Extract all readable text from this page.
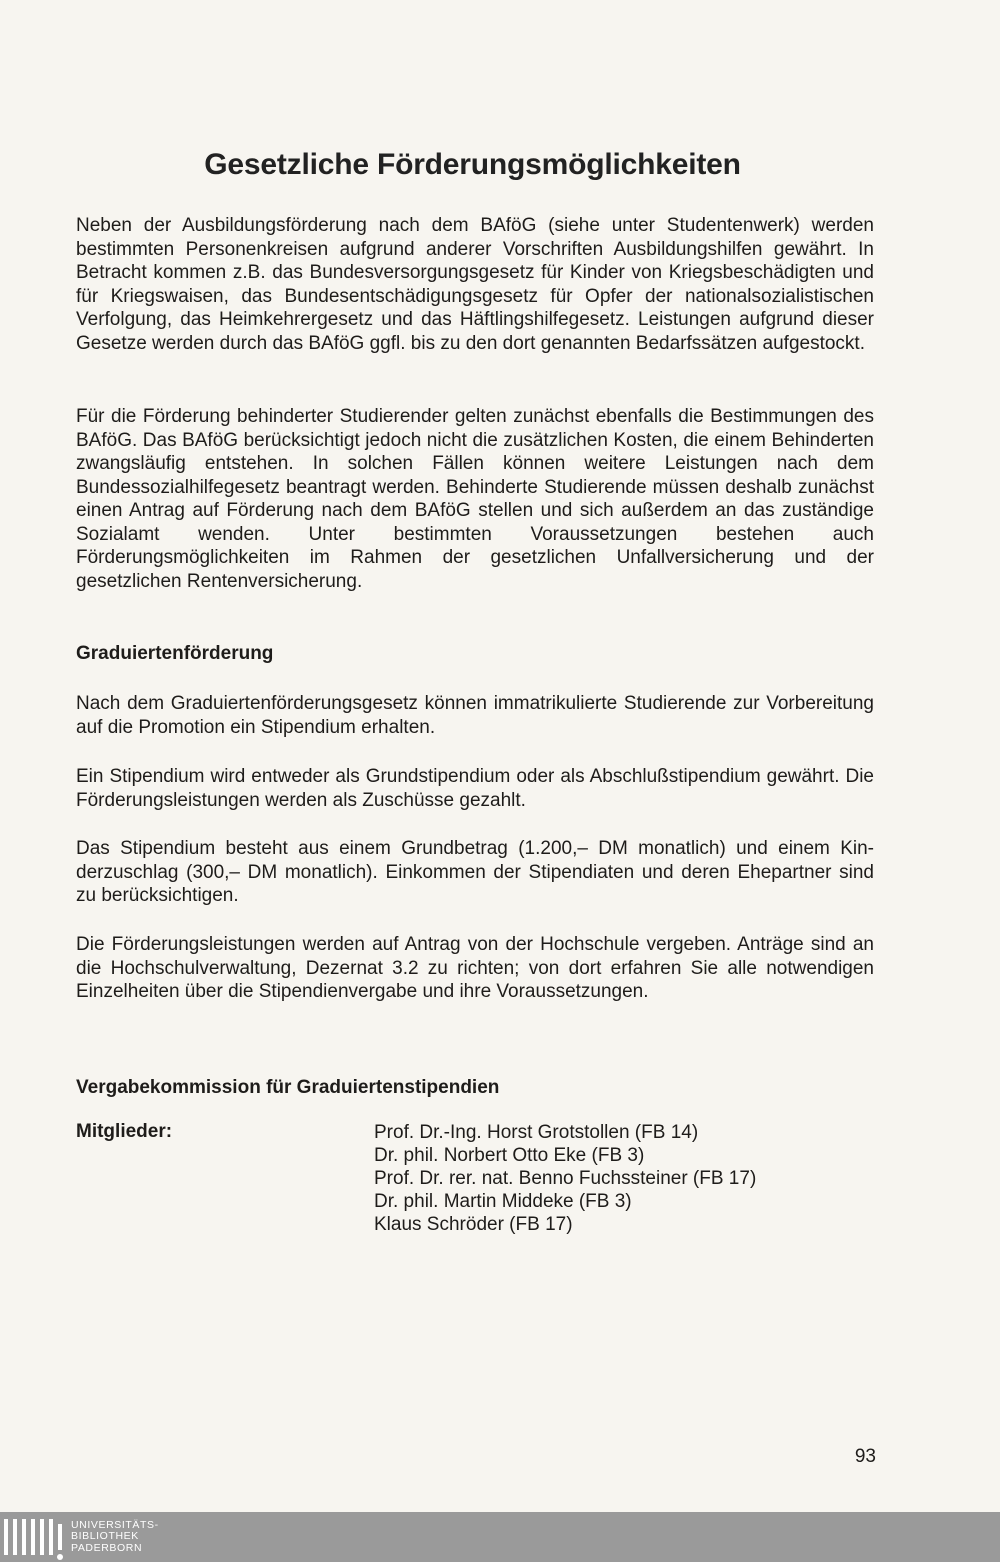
Gesetzliche Förderungsmöglichkeiten

Neben der Ausbildungsförderung nach dem BAföG (siehe unter Studentenwerk) werden bestimmten Personenkreisen aufgrund anderer Vorschriften Ausbildungshilfen gewährt. In Betracht kommen z.B. das Bundesversorgungsgesetz für Kinder von Kriegsbeschädigten und für Kriegswaisen, das Bundesentschädigungsgesetz für Opfer der nationalsozialistischen Verfolgung, das Heimkehrergesetz und das Häftlingshilfegesetz. Leistungen aufgrund dieser Gesetze werden durch das BAföG ggfl. bis zu den dort genannten Bedarfssätzen aufgestockt.

Für die Förderung behinderter Studierender gelten zunächst ebenfalls die Bestimmungen des BAföG. Das BAföG berücksichtigt jedoch nicht die zusätzlichen Kosten, die einem Behinderten zwangsläufig entstehen. In solchen Fällen können weitere Leistungen nach dem Bundessozialhilfegesetz beantragt werden. Behinderte Studierende müssen deshalb zunächst einen Antrag auf Förderung nach dem BAföG stellen und sich außerdem an das zuständige Sozialamt wenden. Unter bestimmten Voraussetzungen bestehen auch Förderungsmöglichkeiten im Rahmen der gesetzlichen Unfallversicherung und der gesetzlichen Rentenversicherung.

Graduiertenförderung

Nach dem Graduiertenförderungsgesetz können immatrikulierte Studierende zur Vorbereitung auf die Promotion ein Stipendium erhalten.

Ein Stipendium wird entweder als Grundstipendium oder als Abschlußstipendium gewährt. Die Förderungsleistungen werden als Zuschüsse gezahlt.

Das Stipendium besteht aus einem Grundbetrag (1.200,– DM monatlich) und einem Kinderzuschlag (300,– DM monatlich). Einkommen der Stipendiaten und deren Ehepartner sind zu berücksichtigen.

Die Förderungsleistungen werden auf Antrag von der Hochschule vergeben. Anträge sind an die Hochschulverwaltung, Dezernat 3.2 zu richten; von dort erfahren Sie alle notwendigen Einzelheiten über die Stipendienvergabe und ihre Voraussetzungen.

Vergabekommission für Graduiertenstipendien
Mitglieder:	Prof. Dr.-Ing. Horst Grotstollen (FB 14)
Dr. phil. Norbert Otto Eke (FB 3)
Prof. Dr. rer. nat. Benno Fuchssteiner (FB 17)
Dr. phil. Martin Middeke (FB 3)
Klaus Schröder (FB 17)
93
UNIVERSITÄTS-
BIBLIOTHEK
PADERBORN
